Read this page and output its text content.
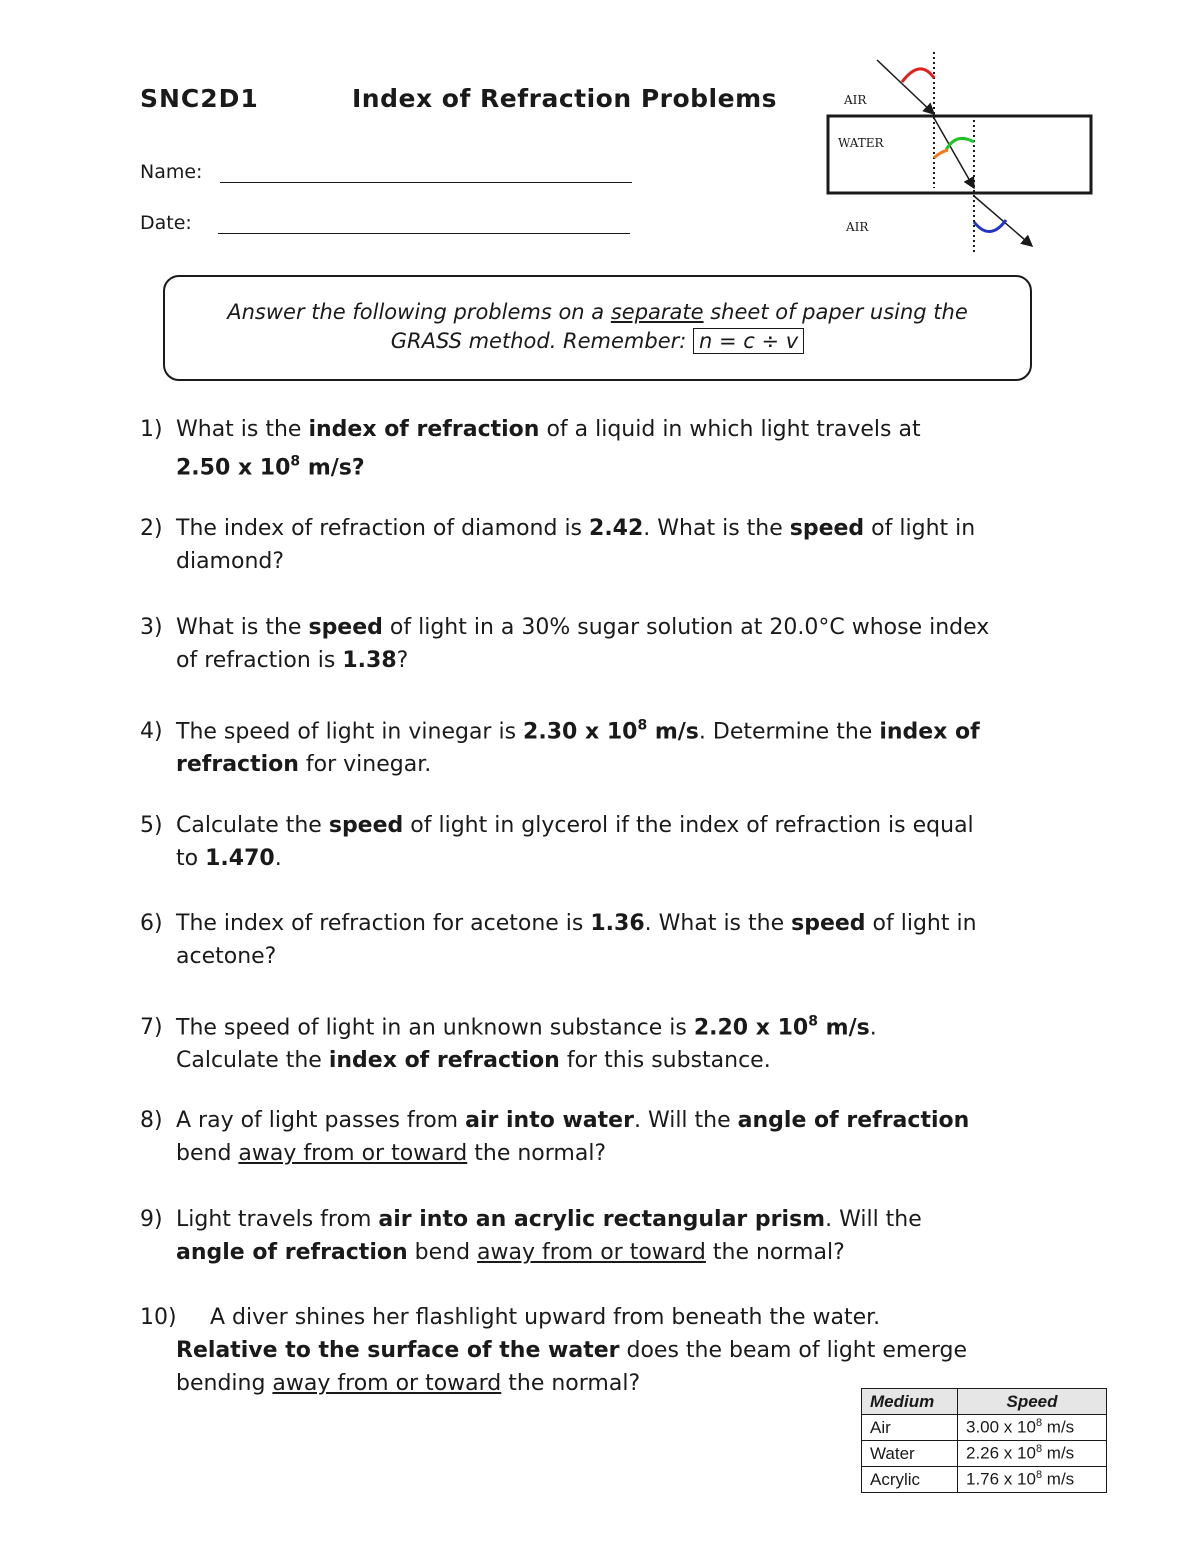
SNC2D1	Index of Refraction Problems
Name:
Date:
AIR
WATER
AIR
Answer the following problems on a separate sheet of paper using the
GRASS method. Remember: n = c ÷ v
1) What is the index of refraction of a liquid in which light travels at
2.50 x $10^8$ m/s?
2) The index of refraction of diamond is 2.42. What is the speed of light in
diamond?
3) What is the speed of light in a 30% sugar solution at 20.0°C whose index
of refraction is 1.38?
4) The speed of light in vinegar is 2.30 x $10^8$ m/s. Determine the index of
refraction for vinegar.
5) Calculate the speed of light in glycerol if the index of refraction is equal
to 1.470.
6) The index of refraction for acetone is 1.36. What is the speed of light in
acetone?
7) The speed of light in an unknown substance is 2.20 x $10^8$ m/s.
Calculate the index of refraction for this substance.
8) A ray of light passes from air into water. Will the angle of refraction
bend away from or toward the normal?
9) Light travels from air into an acrylic rectangular prism. Will the
angle of refraction bend away from or toward the normal?
10) A diver shines her flashlight upward from beneath the water.
Relative to the surface of the water does the beam of light emerge
bending away from or toward the normal?
Medium	Speed
Air	3.00 x $10^8$ m/s
Water	2.26 x $10^8$ m/s
Acrylic	1.76 x $10^8$ m/s
